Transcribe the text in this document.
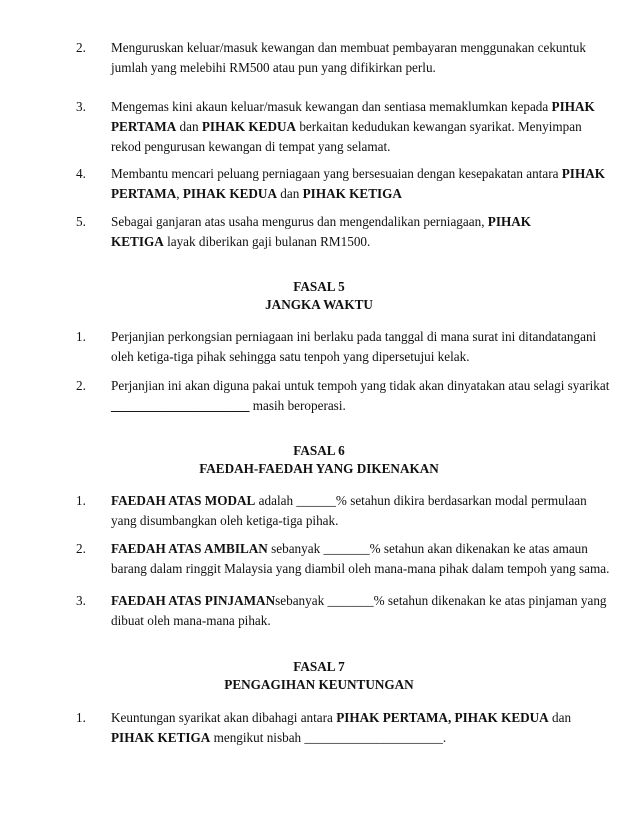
2.	Menguruskan keluar/masuk kewangan dan membuat pembayaran menggunakan cekuntuk
jumlah yang melebihi RM500 atau pun yang difikirkan perlu.
3.	Mengemas kini akaun keluar/masuk kewangan dan sentiasa memaklumkan kepada PIHAK
PERTAMA dan PIHAK KEDUA berkaitan kedudukan kewangan syarikat. Menyimpan
rekod pengurusan kewangan di tempat yang selamat.
4.	Membantu mencari peluang perniagaan yang bersesuaian dengan kesepakatan antara PIHAK
PERTAMA, PIHAK KEDUA dan PIHAK KETIGA
5.	Sebagai ganjaran atas usaha mengurus dan mengendalikan perniagaan, PIHAK
KETIGA layak diberikan gaji bulanan RM1500.
FASAL 5
JANGKA WAKTU
1.	Perjanjian perkongsian perniagaan ini berlaku pada tanggal di mana surat ini ditandatangani
oleh ketiga-tiga pihak sehingga satu tenpoh yang dipersetujui kelak.
2.	Perjanjian ini akan diguna pakai untuk tempoh yang tidak akan dinyatakan atau selagi syarikat
_____________________ masih beroperasi.
FASAL 6
FAEDAH-FAEDAH YANG DIKENAKAN
1.	FAEDAH ATAS MODAL adalah ______% setahun dikira berdasarkan modal permulaan
yang disumbangkan oleh ketiga-tiga pihak.
2.	FAEDAH ATAS AMBILAN sebanyak _______% setahun akan dikenakan ke atas amaun
barang dalam ringgit Malaysia yang diambil oleh mana-mana pihak dalam tempoh yang sama.
3.	FAEDAH ATAS PINJAMANsebanyak _______% setahun dikenakan ke atas pinjaman yang
dibuat oleh mana-mana pihak.
FASAL 7
PENGAGIHAN KEUNTUNGAN
1.	Keuntungan syarikat akan dibahagi antara PIHAK PERTAMA, PIHAK KEDUA dan
PIHAK KETIGA mengikut nisbah _____________________.
